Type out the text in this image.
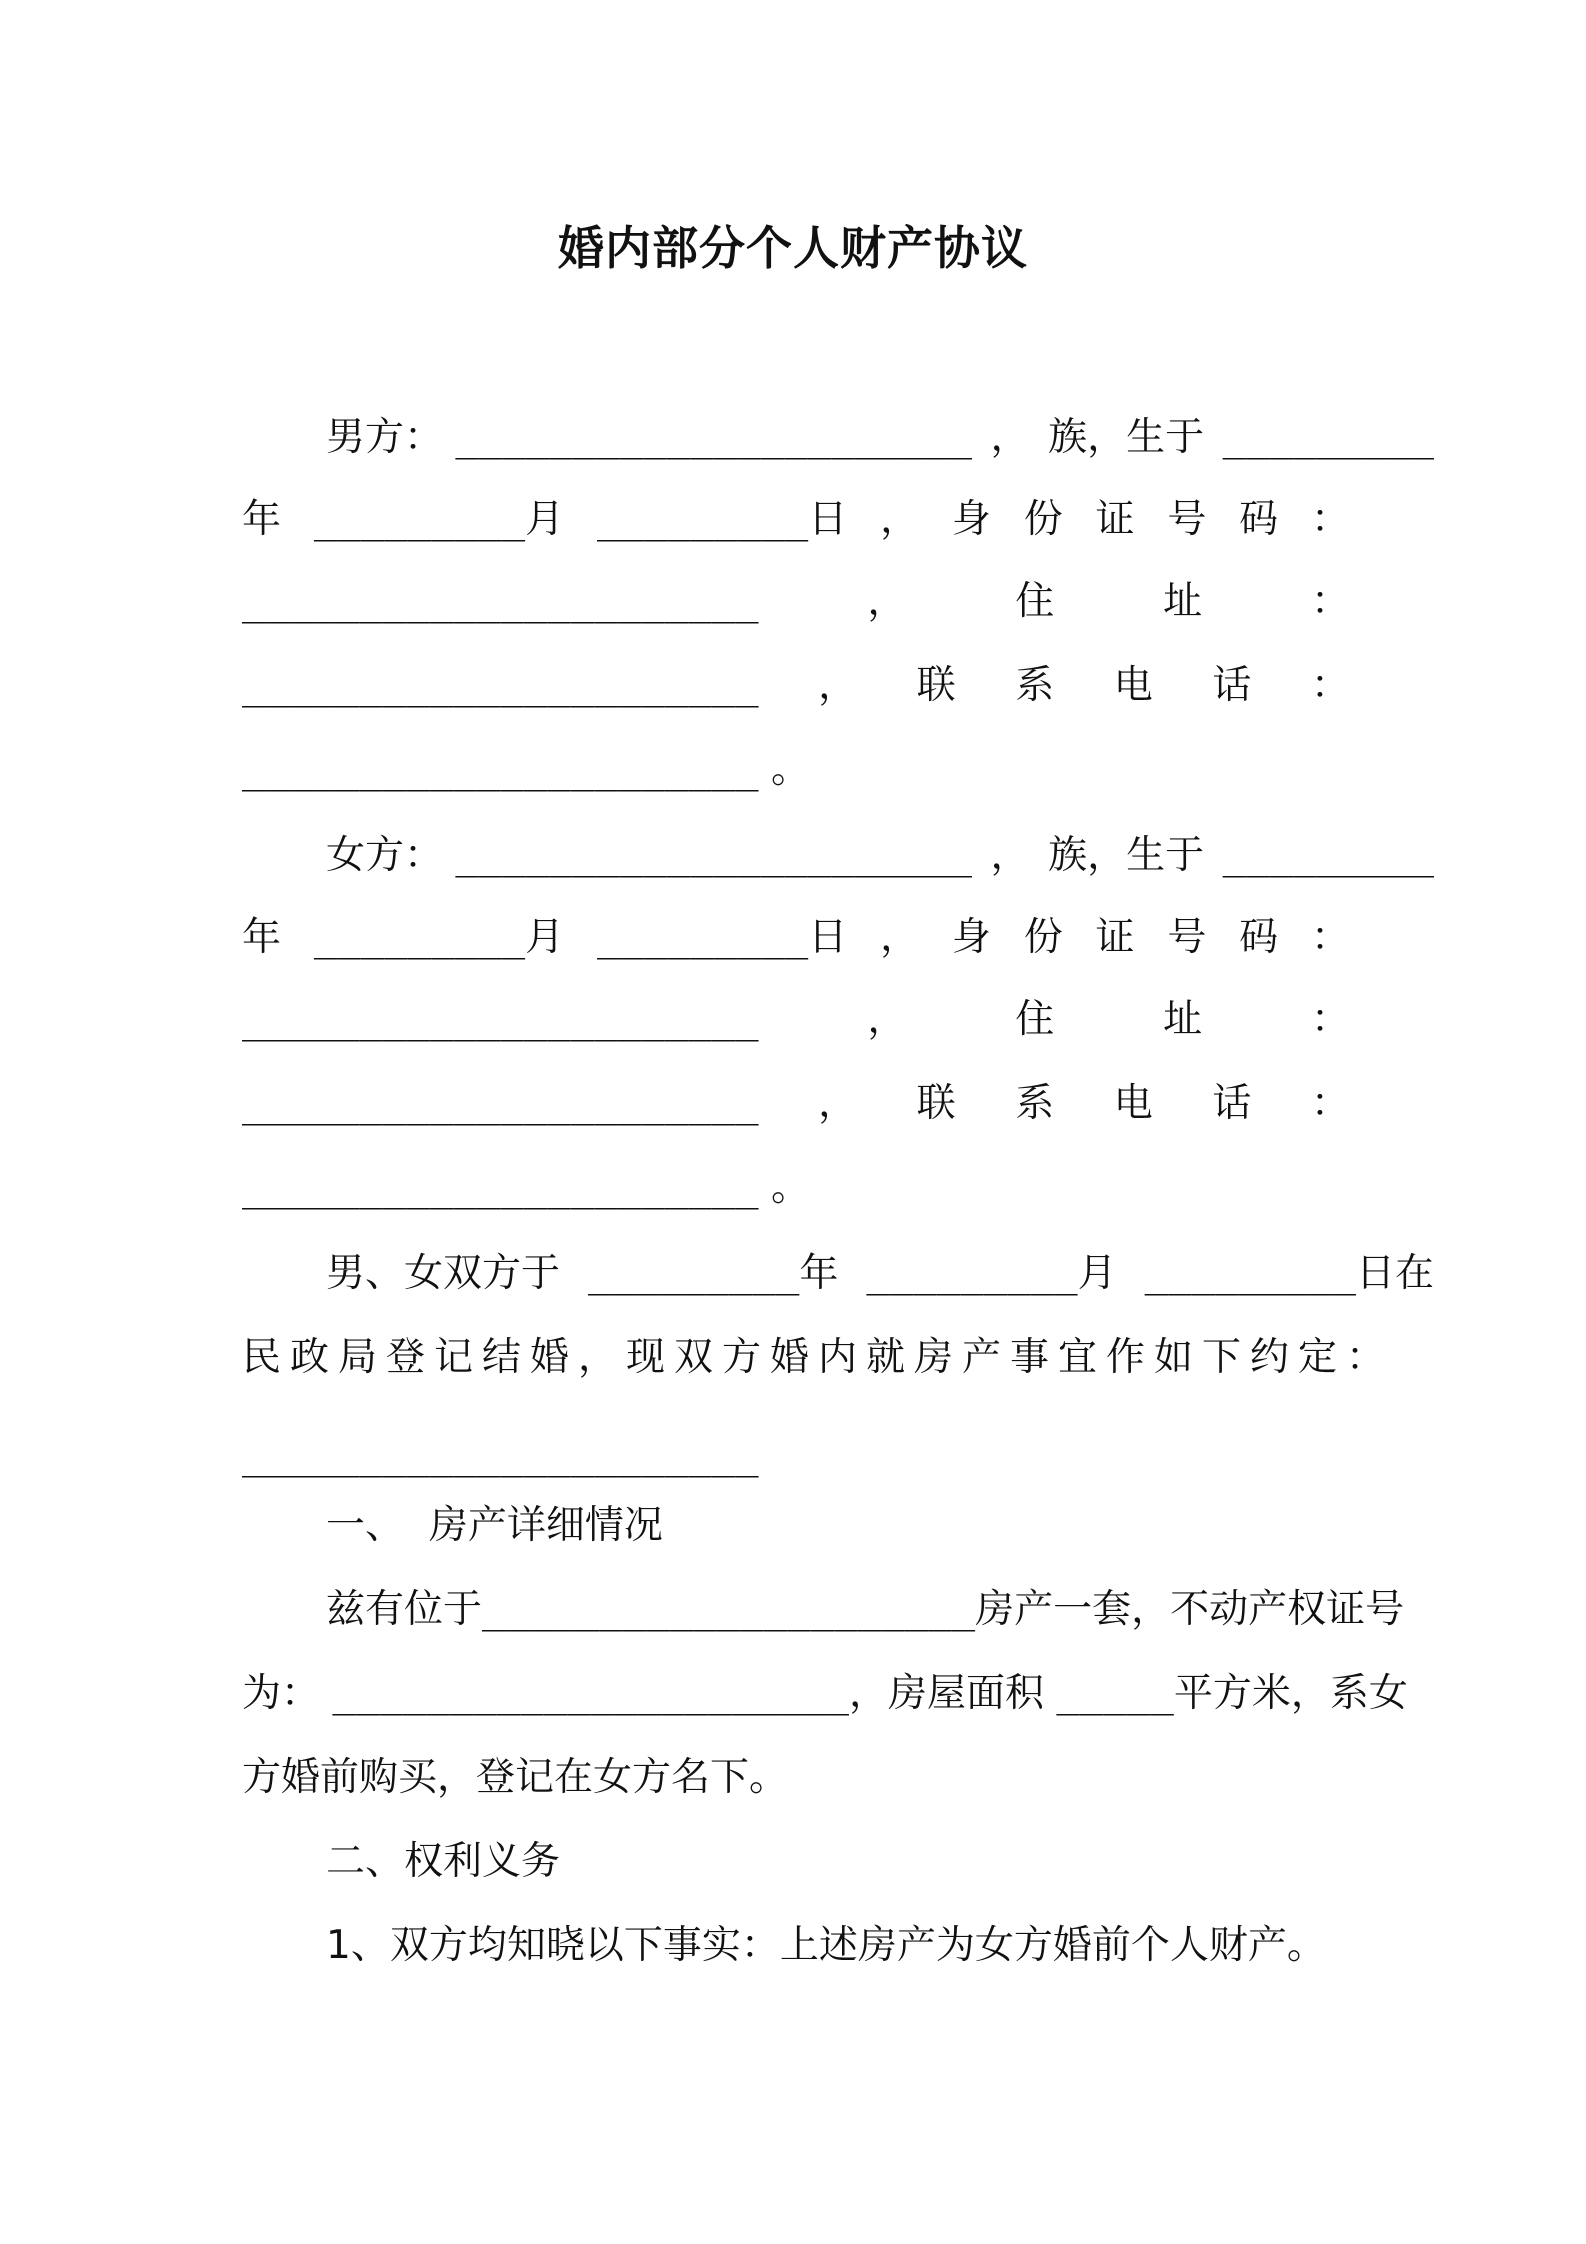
婚内部分个人财产协议
男方： ______________________ ， 族，生于 _________
年 _________月 _________日 ， 身 份 证 号 码 ：
______________________	，	住	址	：
______________________ ， 联 系 电 话 ：
______________________ 。
女方： ______________________ ， 族，生于 _________
年 _________月 _________日 ， 身 份 证 号 码 ：
______________________	，	住	址	：
______________________ ， 联 系 电 话 ：
______________________ 。
男、女双方于 _________年 _________月 _________日在
民政局登记结婚，现双方婚内就房产事宜作如下约定：
______________________
一、 房产详细情况
兹有位于_____________________房产一套，不动产权证号
为： ______________________ ，房屋面积 _____平方米，系女
方婚前购买，登记在女方名下。
二、权利义务
1、双方均知晓以下事实：上述房产为女方婚前个人财产。
